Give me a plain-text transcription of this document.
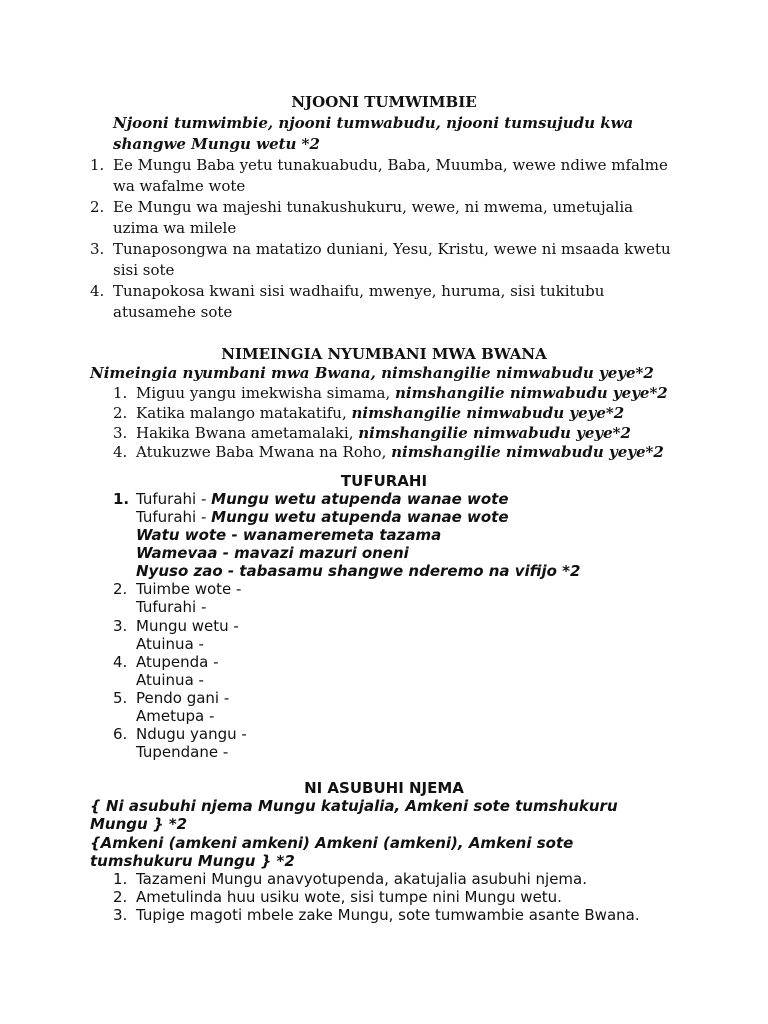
NJOONI TUMWIMBIE
Njooni tumwimbie, njooni tumwabudu, njooni tumsujudu kwa
shangwe Mungu wetu *2
1. Ee Mungu Baba yetu tunakuabudu, Baba, Muumba, wewe ndiwe mfalme
wa wafalme wote
2. Ee Mungu wa majeshi tunakushukuru, wewe, ni mwema, umetujalia
uzima wa milele
3. Tunaposongwa na matatizo duniani, Yesu, Kristu, wewe ni msaada kwetu
sisi sote
4. Tunapokosa kwani sisi wadhaifu, mwenye, huruma, sisi tukitubu
atusamehe sote
NIMEINGIA NYUMBANI MWA BWANA
Nimeingia nyumbani mwa Bwana, nimshangilie nimwabudu yeye*2
1. Miguu yangu imekwisha simama, nimshangilie nimwabudu yeye*2
2. Katika malango matakatifu, nimshangilie nimwabudu yeye*2
3. Hakika Bwana ametamalaki, nimshangilie nimwabudu yeye*2
4. Atukuzwe Baba Mwana na Roho, nimshangilie nimwabudu yeye*2
TUFURAHI
1. Tufurahi - Mungu wetu atupenda wanae wote
Tufurahi - Mungu wetu atupenda wanae wote
Watu wote - wanameremeta tazama
Wamevaa - mavazi mazuri oneni
Nyuso zao - tabasamu shangwe nderemo na vifijo *2
2. Tuimbe wote -
Tufurahi -
3. Mungu wetu -
Atuinua -
4. Atupenda -
Atuinua -
5. Pendo gani -
Ametupa -
6. Ndugu yangu -
Tupendane -
NI ASUBUHI NJEMA
{ Ni asubuhi njema Mungu katujalia, Amkeni sote tumshukuru
Mungu } *2
{Amkeni (amkeni amkeni) Amkeni (amkeni), Amkeni sote
tumshukuru Mungu } *2
1. Tazameni Mungu anavyotupenda, akatujalia asubuhi njema.
2. Ametulinda huu usiku wote, sisi tumpe nini Mungu wetu.
3. Tupige magoti mbele zake Mungu, sote tumwambie asante Bwana.
